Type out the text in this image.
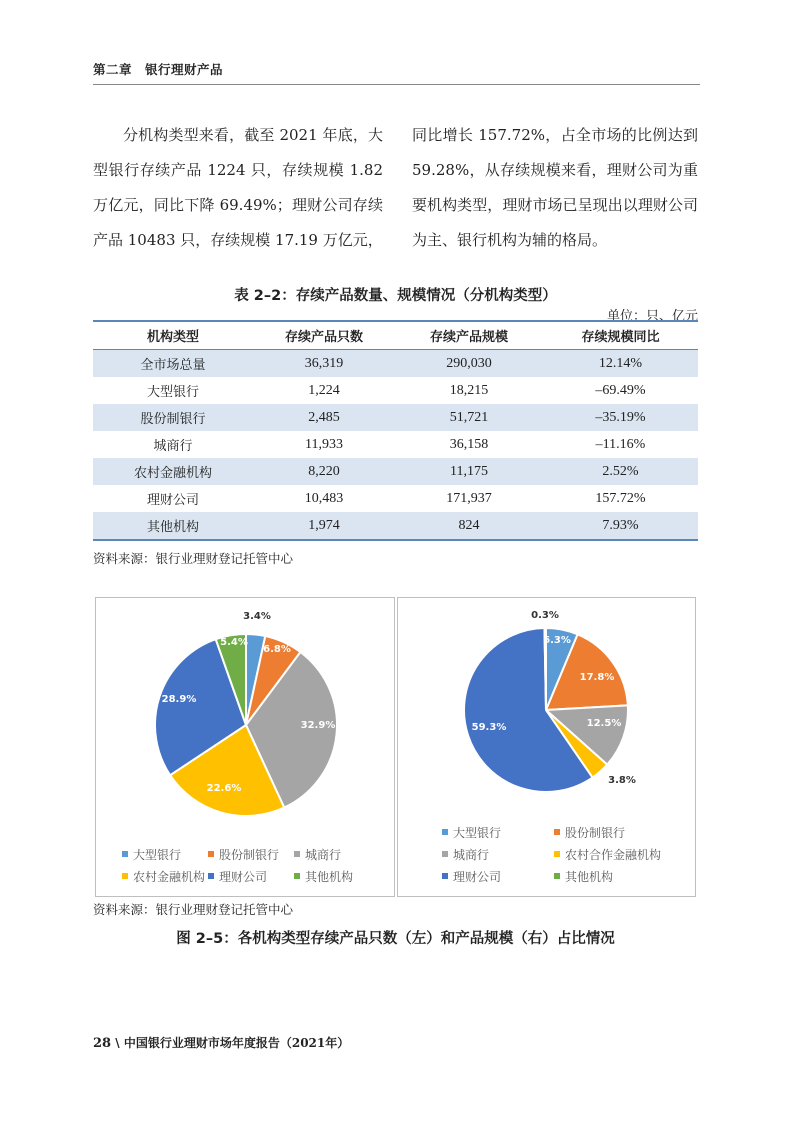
第二章　银行理财产品
分机构类型来看，截至 2021 年底，大型银行存续产品 1224 只，存续规模 1.82 万亿元，同比下降 69.49%；理财公司存续产品 10483 只，存续规模 17.19 万亿元，
同比增长 157.72%，占全市场的比例达到 59.28%，从存续规模来看，理财公司为重要机构类型，理财市场已呈现出以理财公司为主、银行机构为辅的格局。
表 2–2：存续产品数量、规模情况（分机构类型）
单位：只、亿元
机构类型	存续产品只数	存续产品规模	存续规模同比
全市场总量	36,319	290,030	12.14%
大型银行	1,224	18,215	–69.49%
股份制银行	2,485	51,721	–35.19%
城商行	11,933	36,158	–11.16%
农村金融机构	8,220	11,175	2.52%
理财公司	10,483	171,937	157.72%
其他机构	1,974	824	7.93%
资料来源：银行业理财登记托管中心
3.4%
6.8%
32.9%
22.6%
28.9%
5.4%
大型银行	股份制银行	城商行
农村金融机构	理财公司	其他机构
6.3%
17.8%
12.5%
3.8%
59.3%
0.3%
大型银行	股份制银行
城商行	农村合作金融机构
理财公司	其他机构
资料来源：银行业理财登记托管中心
图 2–5：各机构类型存续产品只数（左）和产品规模（右）占比情况
28 \ 中国银行业理财市场年度报告（2021年）
